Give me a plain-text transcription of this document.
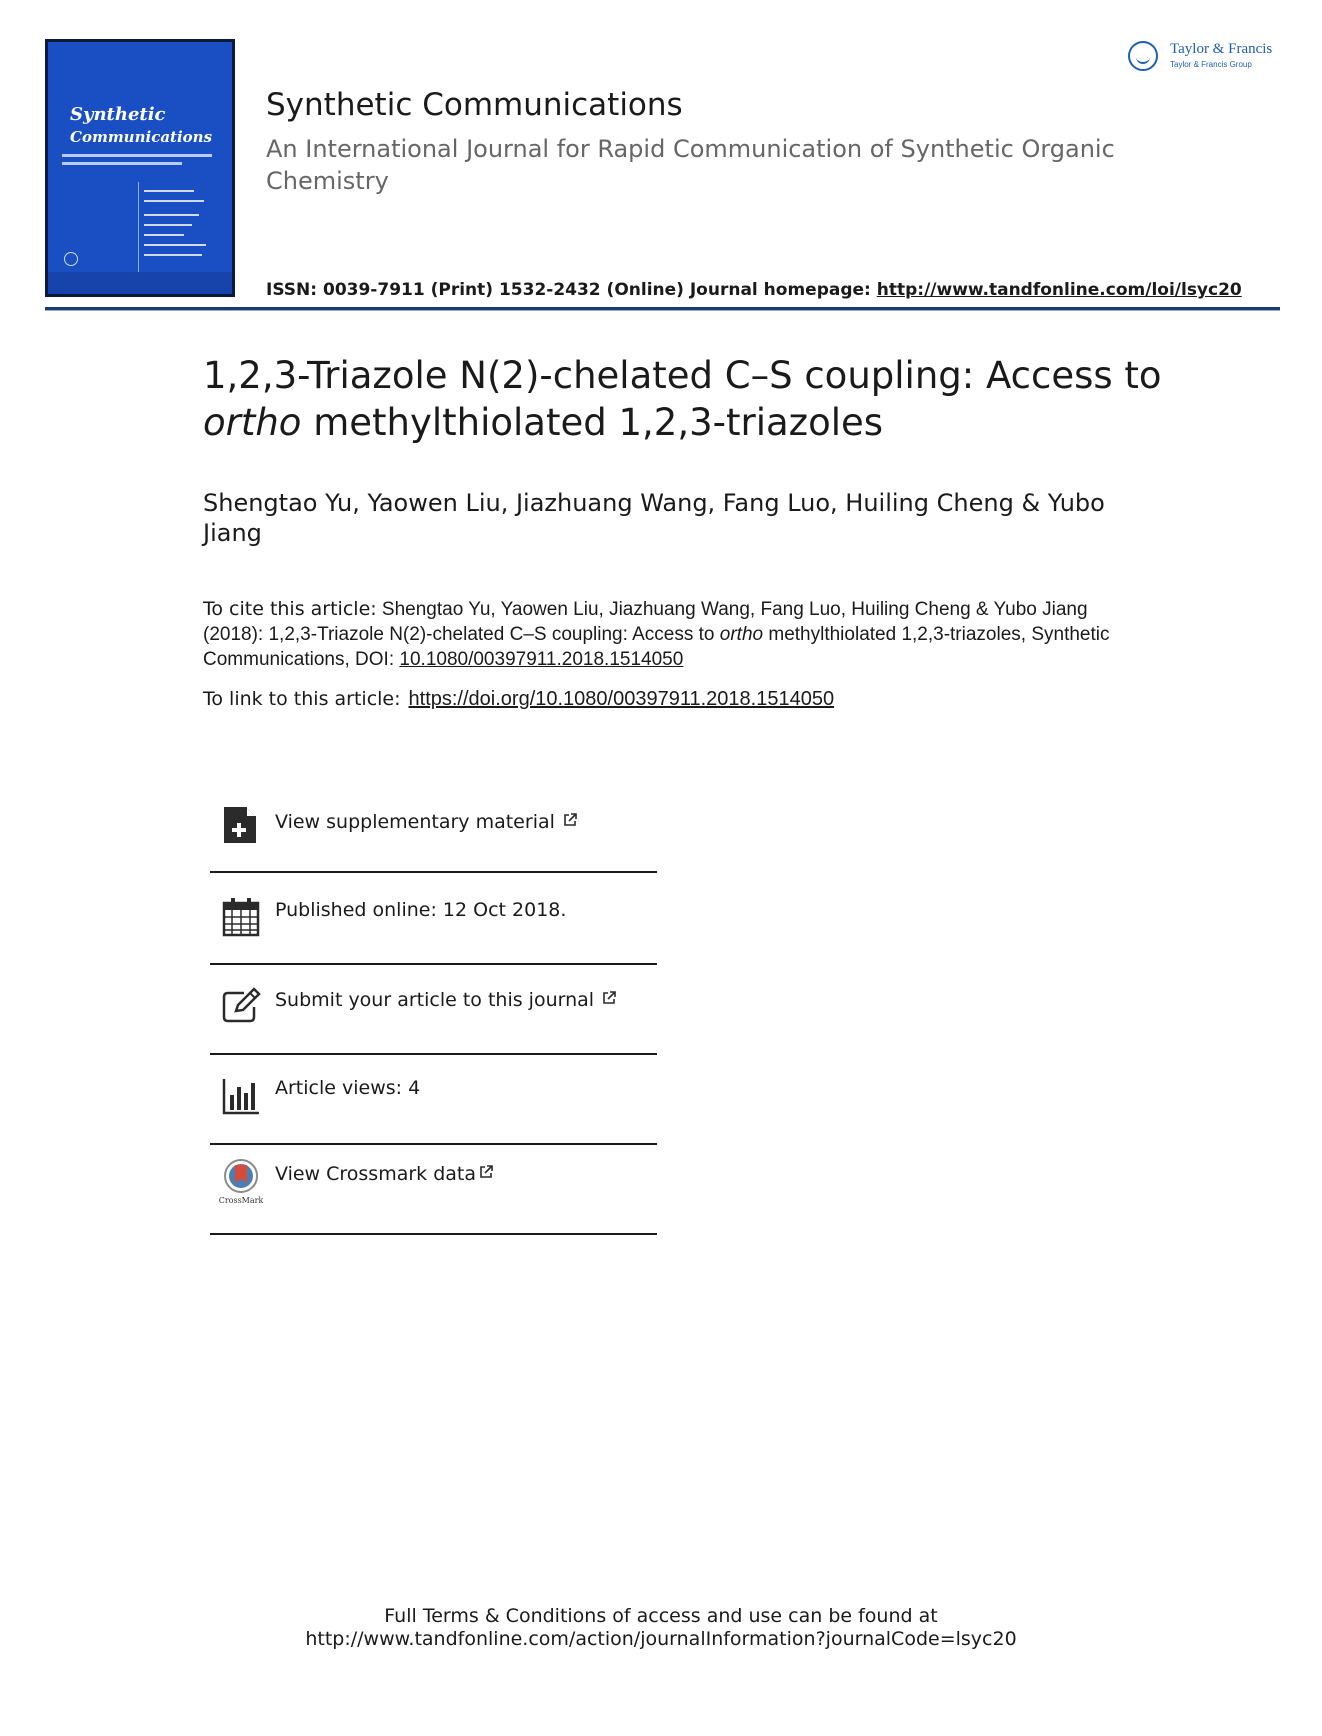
Synthetic
Communications
Taylor & Francis
Taylor & Francis Group
Synthetic Communications
An International Journal for Rapid Communication of Synthetic Organic Chemistry
ISSN: 0039-7911 (Print) 1532-2432 (Online) Journal homepage: http://www.tandfonline.com/loi/lsyc20
1,2,3-Triazole N(2)-chelated C–S coupling: Access to
ortho methylthiolated 1,2,3-triazoles
Shengtao Yu, Yaowen Liu, Jiazhuang Wang, Fang Luo, Huiling Cheng & Yubo Jiang
To cite this article: Shengtao Yu, Yaowen Liu, Jiazhuang Wang, Fang Luo, Huiling Cheng & Yubo Jiang (2018): 1,2,3-Triazole N(2)-chelated C–S coupling: Access to ortho methylthiolated 1,2,3-triazoles, Synthetic Communications, DOI: 10.1080/00397911.2018.1514050
To link to this article: https://doi.org/10.1080/00397911.2018.1514050
View supplementary material
Published online: 12 Oct 2018.
Submit your article to this journal
Article views: 4
CrossMark
View Crossmark data
Full Terms & Conditions of access and use can be found at
http://www.tandfonline.com/action/journalInformation?journalCode=lsyc20
